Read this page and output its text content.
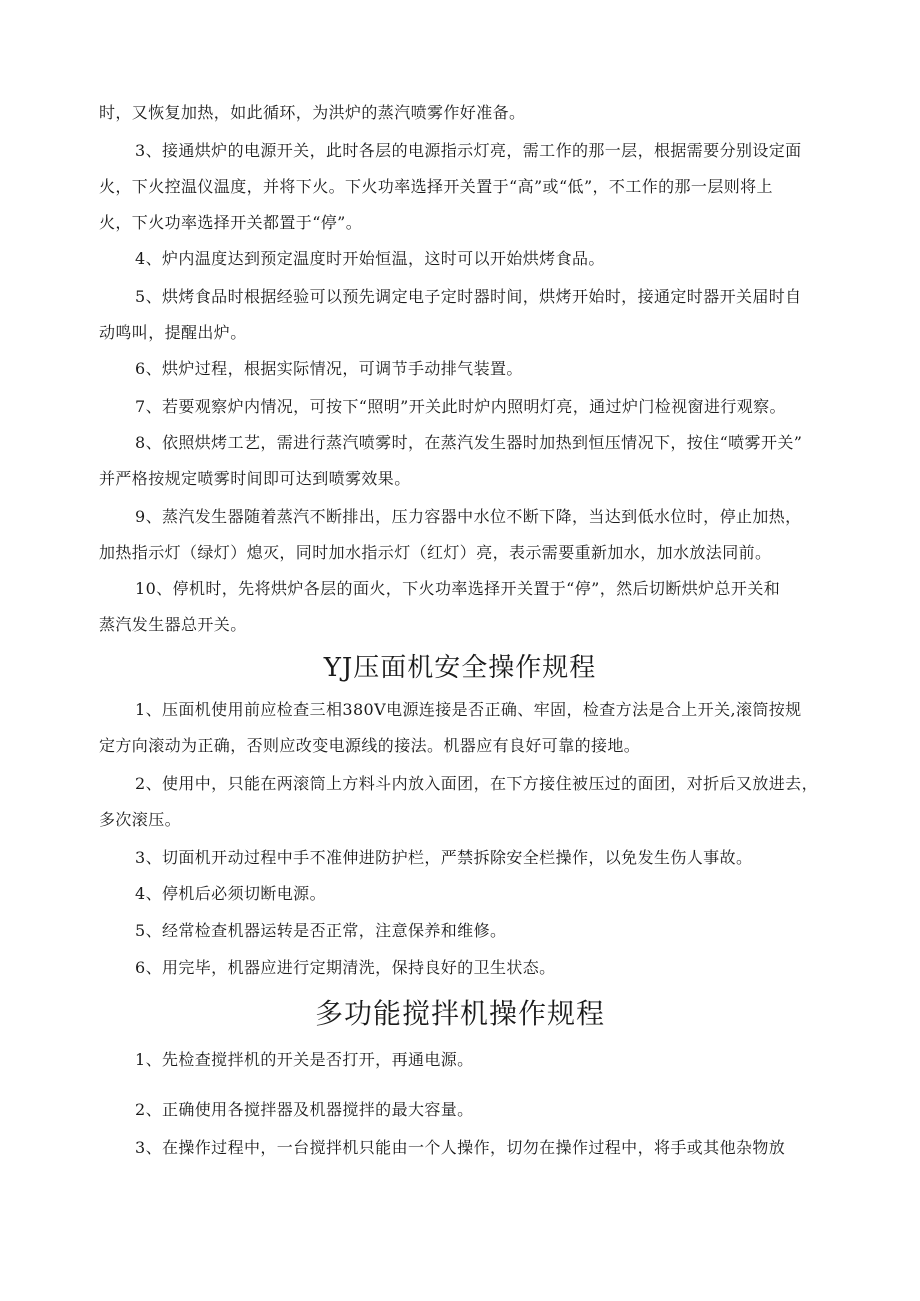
时，又恢复加热，如此循环，为洪炉的蒸汽喷雾作好准备。
3、接通烘炉的电源开关，此时各层的电源指示灯亮，需工作的那一层，根据需要分别设定面
火，下火控温仪温度，并将下火。下火功率选择开关置于“高”或“低”，不工作的那一层则将上
火，下火功率选择开关都置于“停”。
4、炉内温度达到预定温度时开始恒温，这时可以开始烘烤食品。
5、烘烤食品时根据经验可以预先调定电子定时器时间，烘烤开始时，接通定时器开关届时自
动鸣叫，提醒出炉。
6、烘炉过程，根据实际情况，可调节手动排气装置。
7、若要观察炉内情况，可按下“照明”开关此时炉内照明灯亮，通过炉门检视窗进行观察。
8、依照烘烤工艺，需进行蒸汽喷雾时，在蒸汽发生器时加热到恒压情况下，按住“喷雾开关”
并严格按规定喷雾时间即可达到喷雾效果。
9、蒸汽发生器随着蒸汽不断排出，压力容器中水位不断下降，当达到低水位时，停止加热，
加热指示灯（绿灯）熄灭，同时加水指示灯（红灯）亮，表示需要重新加水，加水放法同前。
10、停机时，先将烘炉各层的面火，下火功率选择开关置于“停”，然后切断烘炉总开关和
蒸汽发生器总开关。
YJ压面机安全操作规程
1、压面机使用前应检查三相380V电源连接是否正确、牢固，检查方法是合上开关,滚筒按规
定方向滚动为正确，否则应改变电源线的接法。机器应有良好可靠的接地。
2、使用中，只能在两滚筒上方料斗内放入面团，在下方接住被压过的面团，对折后又放进去，
多次滚压。
3、切面机开动过程中手不准伸进防护栏，严禁拆除安全栏操作，以免发生伤人事故。
4、停机后必须切断电源。
5、经常检查机器运转是否正常，注意保养和维修。
6、用完毕，机器应进行定期清洗，保持良好的卫生状态。
多功能搅拌机操作规程
1、先检查搅拌机的开关是否打开，再通电源。
2、正确使用各搅拌器及机器搅拌的最大容量。
3、在操作过程中，一台搅拌机只能由一个人操作，切勿在操作过程中，将手或其他杂物放
